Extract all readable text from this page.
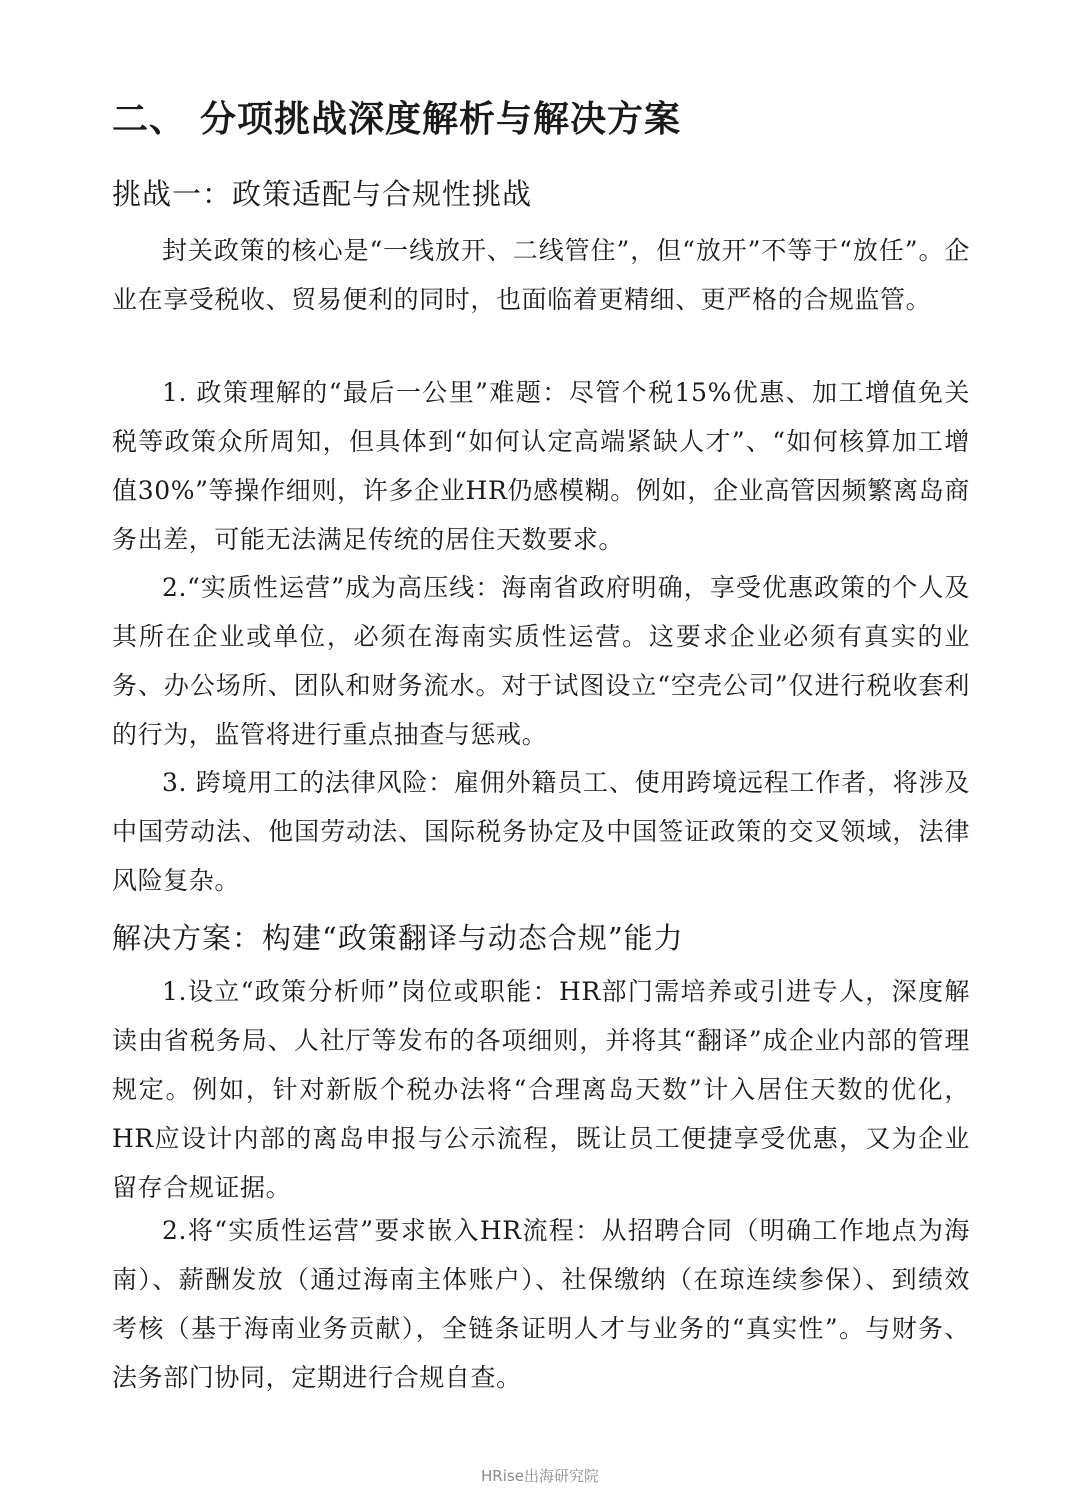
二、 分项挑战深度解析与解决方案
挑战一：政策适配与合规性挑战

封关政策的核心是“一线放开、二线管住”，但“放开”不等于“放任”。企业在享受税收、贸易便利的同时，也面临着更精细、更严格的合规监管。

1. 政策理解的“最后一公里”难题：尽管个税15%优惠、加工增值免关税等政策众所周知，但具体到“如何认定高端紧缺人才”、“如何核算加工增值30%”等操作细则，许多企业HR仍感模糊。例如，企业高管因频繁离岛商务出差，可能无法满足传统的居住天数要求。

2.“实质性运营”成为高压线：海南省政府明确，享受优惠政策的个人及其所在企业或单位，必须在海南实质性运营。这要求企业必须有真实的业务、办公场所、团队和财务流水。对于试图设立“空壳公司”仅进行税收套利的行为，监管将进行重点抽查与惩戒。

3. 跨境用工的法律风险：雇佣外籍员工、使用跨境远程工作者，将涉及中国劳动法、他国劳动法、国际税务协定及中国签证政策的交叉领域，法律风险复杂。

解决方案：构建“政策翻译与动态合规”能力

1.设立“政策分析师”岗位或职能：HR部门需培养或引进专人，深度解读由省税务局、人社厅等发布的各项细则，并将其“翻译”成企业内部的管理规定。例如，针对新版个税办法将“合理离岛天数”计入居住天数的优化，HR应设计内部的离岛申报与公示流程，既让员工便捷享受优惠，又为企业留存合规证据。

2.将“实质性运营”要求嵌入HR流程：从招聘合同（明确工作地点为海南）、薪酬发放（通过海南主体账户）、社保缴纳（在琼连续参保）、到绩效考核（基于海南业务贡献），全链条证明人才与业务的“真实性”。与财务、法务部门协同，定期进行合规自查。

HRise出海研究院
